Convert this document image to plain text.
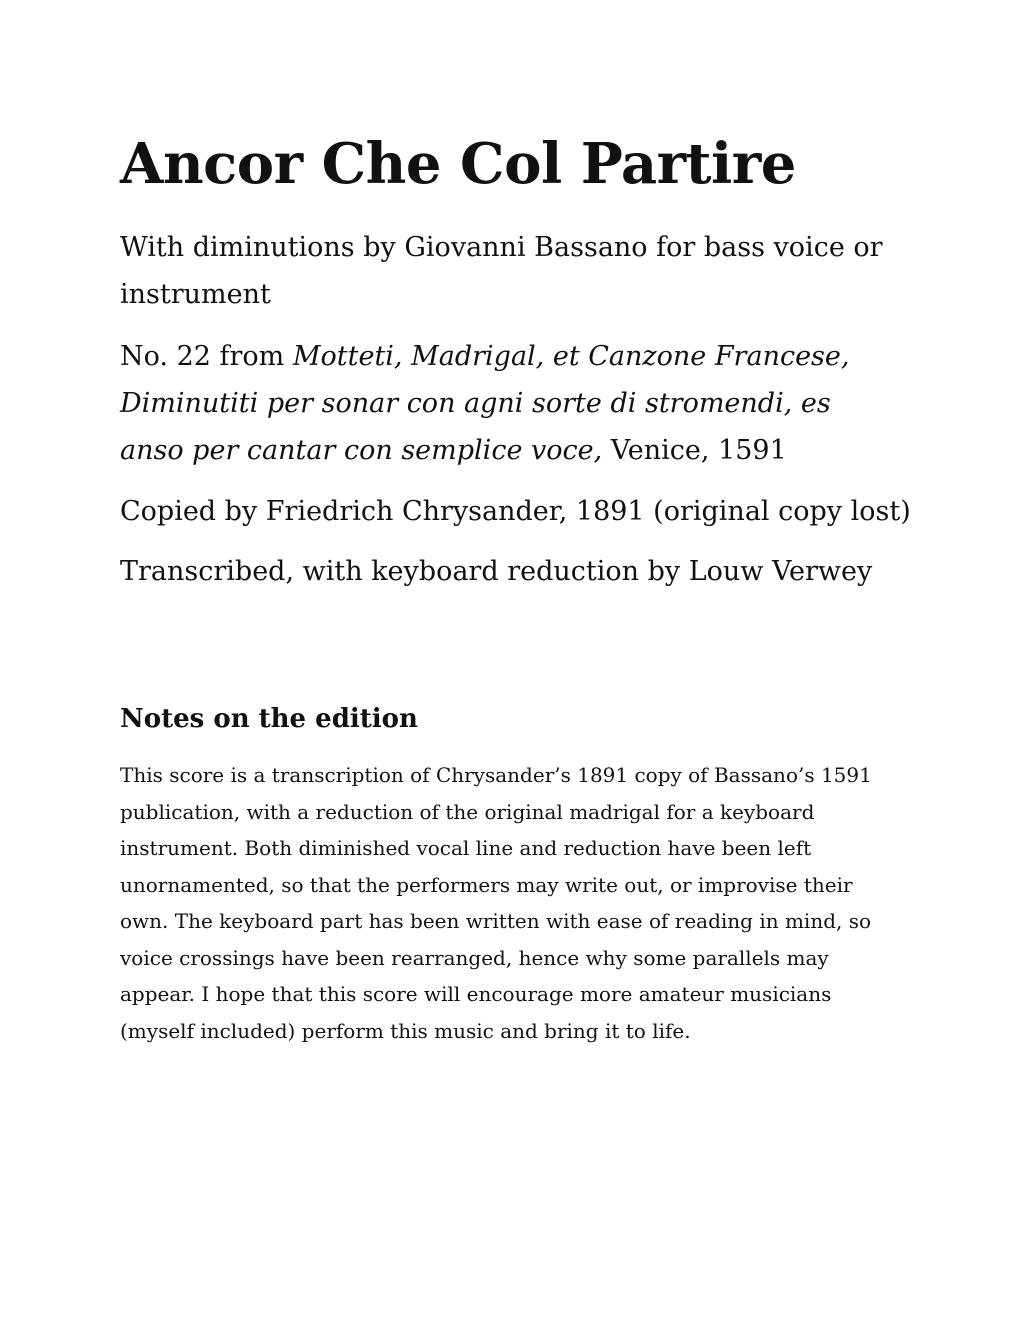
Ancor Che Col Partire

With diminutions by Giovanni Bassano for bass voice or instrument

No. 22 from Motteti, Madrigal, et Canzone Francese, Diminutiti per sonar con agni sorte di stromendi, es anso per cantar con semplice voce, Venice, 1591

Copied by Friedrich Chrysander, 1891 (original copy lost)

Transcribed, with keyboard reduction by Louw Verwey

Notes on the edition

This score is a transcription of Chrysander’s 1891 copy of Bassano’s 1591 publication, with a reduction of the original madrigal for a keyboard instrument. Both diminished vocal line and reduction have been left unornamented, so that the performers may write out, or improvise their own. The keyboard part has been written with ease of reading in mind, so voice crossings have been rearranged, hence why some parallels may appear. I hope that this score will encourage more amateur musicians (myself included) perform this music and bring it to life.
